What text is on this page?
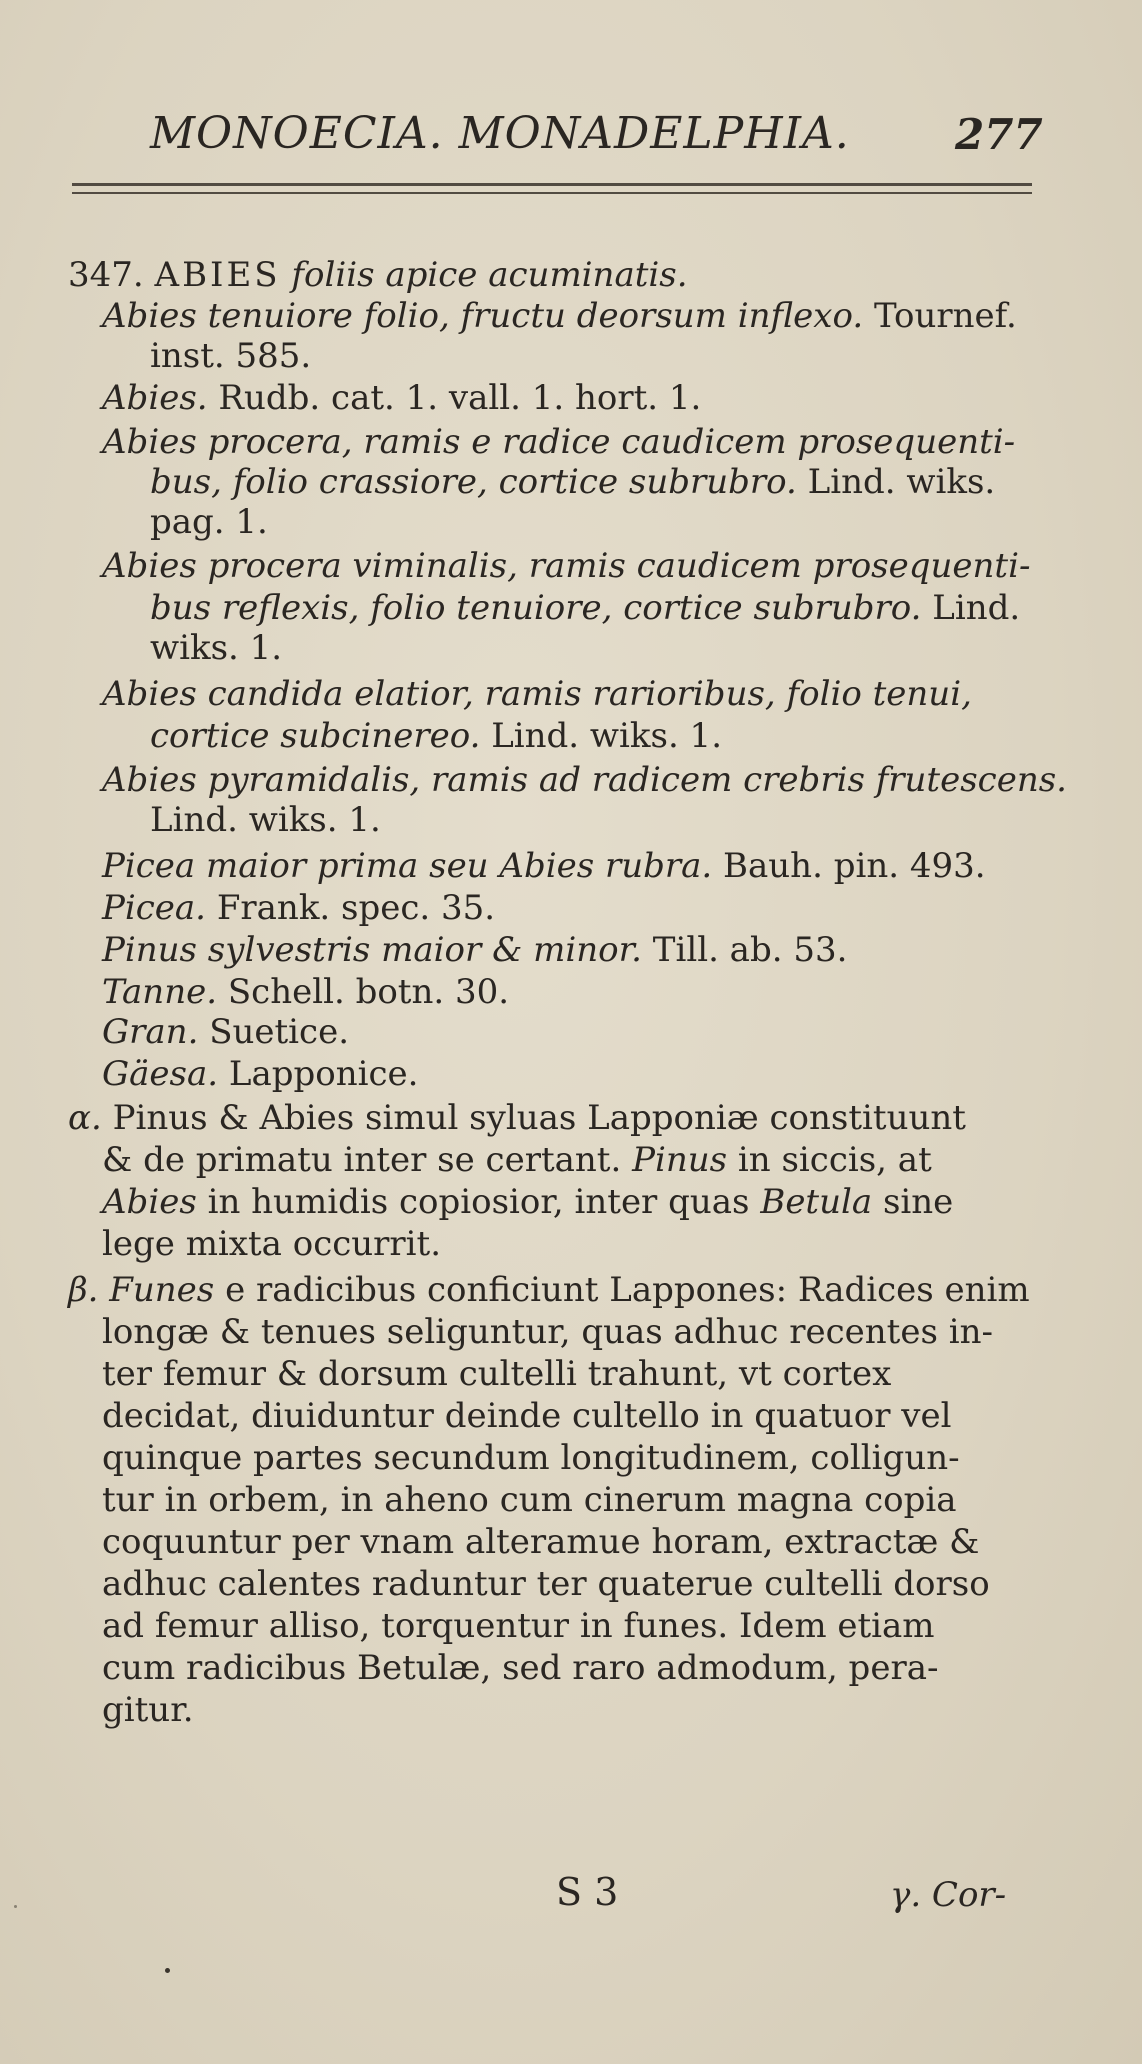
MONOECIA. MONADELPHIA.	277
347. ABIES foliis apice acuminatis.
Abies tenuiore folio, fructu deorsum inflexo. Tournef.
inst. 585.
Abies. Rudb. cat. 1. vall. 1. hort. 1.
Abies procera, ramis e radice caudicem prosequenti-
bus, folio crassiore, cortice subrubro. Lind. wiks.
pag. 1.
Abies procera viminalis, ramis caudicem prosequenti-
bus reflexis, folio tenuiore, cortice subrubro. Lind.
wiks. 1.
Abies candida elatior, ramis rarioribus, folio tenui,
cortice subcinereo. Lind. wiks. 1.
Abies pyramidalis, ramis ad radicem crebris frutescens.
Lind. wiks. 1.
Picea maior prima seu Abies rubra. Bauh. pin. 493.
Picea. Frank. spec. 35.
Pinus sylvestris maior & minor. Till. ab. 53.
Tanne. Schell. botn. 30.
Gran. Suetice.
Gäesa. Lapponice.
α. Pinus & Abies simul syluas Lapponiæ constituunt
& de primatu inter se certant. Pinus in siccis, at
Abies in humidis copiosior, inter quas Betula sine
lege mixta occurrit.
β. Funes e radicibus conficiunt Lappones: Radices enim
longæ & tenues seliguntur, quas adhuc recentes in-
ter femur & dorsum cultelli trahunt, vt cortex
decidat, diuiduntur deinde cultello in quatuor vel
quinque partes secundum longitudinem, colligun-
tur in orbem, in aheno cum cinerum magna copia
coquuntur per vnam alteramue horam, extractæ &
adhuc calentes raduntur ter quaterue cultelli dorso
ad femur alliso, torquentur in funes. Idem etiam
cum radicibus Betulæ, sed raro admodum, pera-
gitur.
S 3	γ. Cor-
